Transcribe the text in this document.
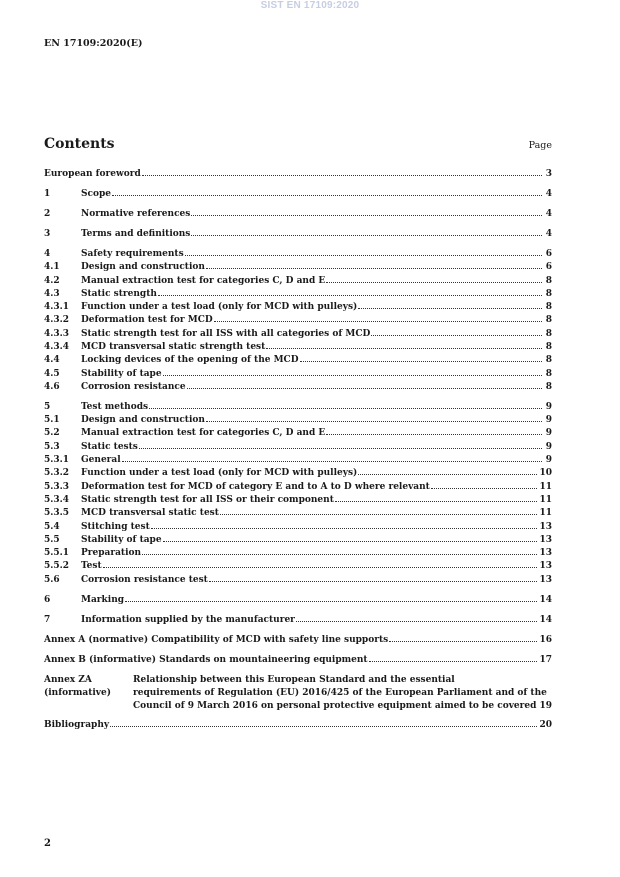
SIST EN 17109:2020
EN 17109:2020(E)
Contents	Page
European foreword	3
1	Scope	4
2	Normative references	4
3	Terms and definitions	4
4	Safety requirements	6
4.1	Design and construction	6
4.2	Manual extraction test for categories C, D and E	8
4.3	Static strength	8
4.3.1	Function under a test load (only for MCD with pulleys)	8
4.3.2	Deformation test for MCD	8
4.3.3	Static strength test for all ISS with all categories of MCD	8
4.3.4	MCD transversal static strength test	8
4.4	Locking devices of the opening of the MCD	8
4.5	Stability of tape	8
4.6	Corrosion resistance	8
5	Test methods	9
5.1	Design and construction	9
5.2	Manual extraction test for categories C, D and E	9
5.3	Static tests	9
5.3.1	General	9
5.3.2	Function under a test load (only for MCD with pulleys)	10
5.3.3	Deformation test for MCD of category E and to A to D where relevant	11
5.3.4	Static strength test for all ISS or their component	11
5.3.5	MCD transversal static test	11
5.4	Stitching test	13
5.5	Stability of tape	13
5.5.1	Preparation	13
5.5.2	Test	13
5.6	Corrosion resistance test	13
6	Marking	14
7	Information supplied by the manufacturer	14
Annex A (normative) Compatibility of MCD with safety line supports	16
Annex B (informative) Standards on mountaineering equipment	17
Annex ZA (informative)
Relationship between this European Standard and the essential
requirements of Regulation (EU) 2016/425 of the European Parliament and of the
Council of 9 March 2016 on personal protective equipment aimed to be covered 19
Bibliography	20
2
